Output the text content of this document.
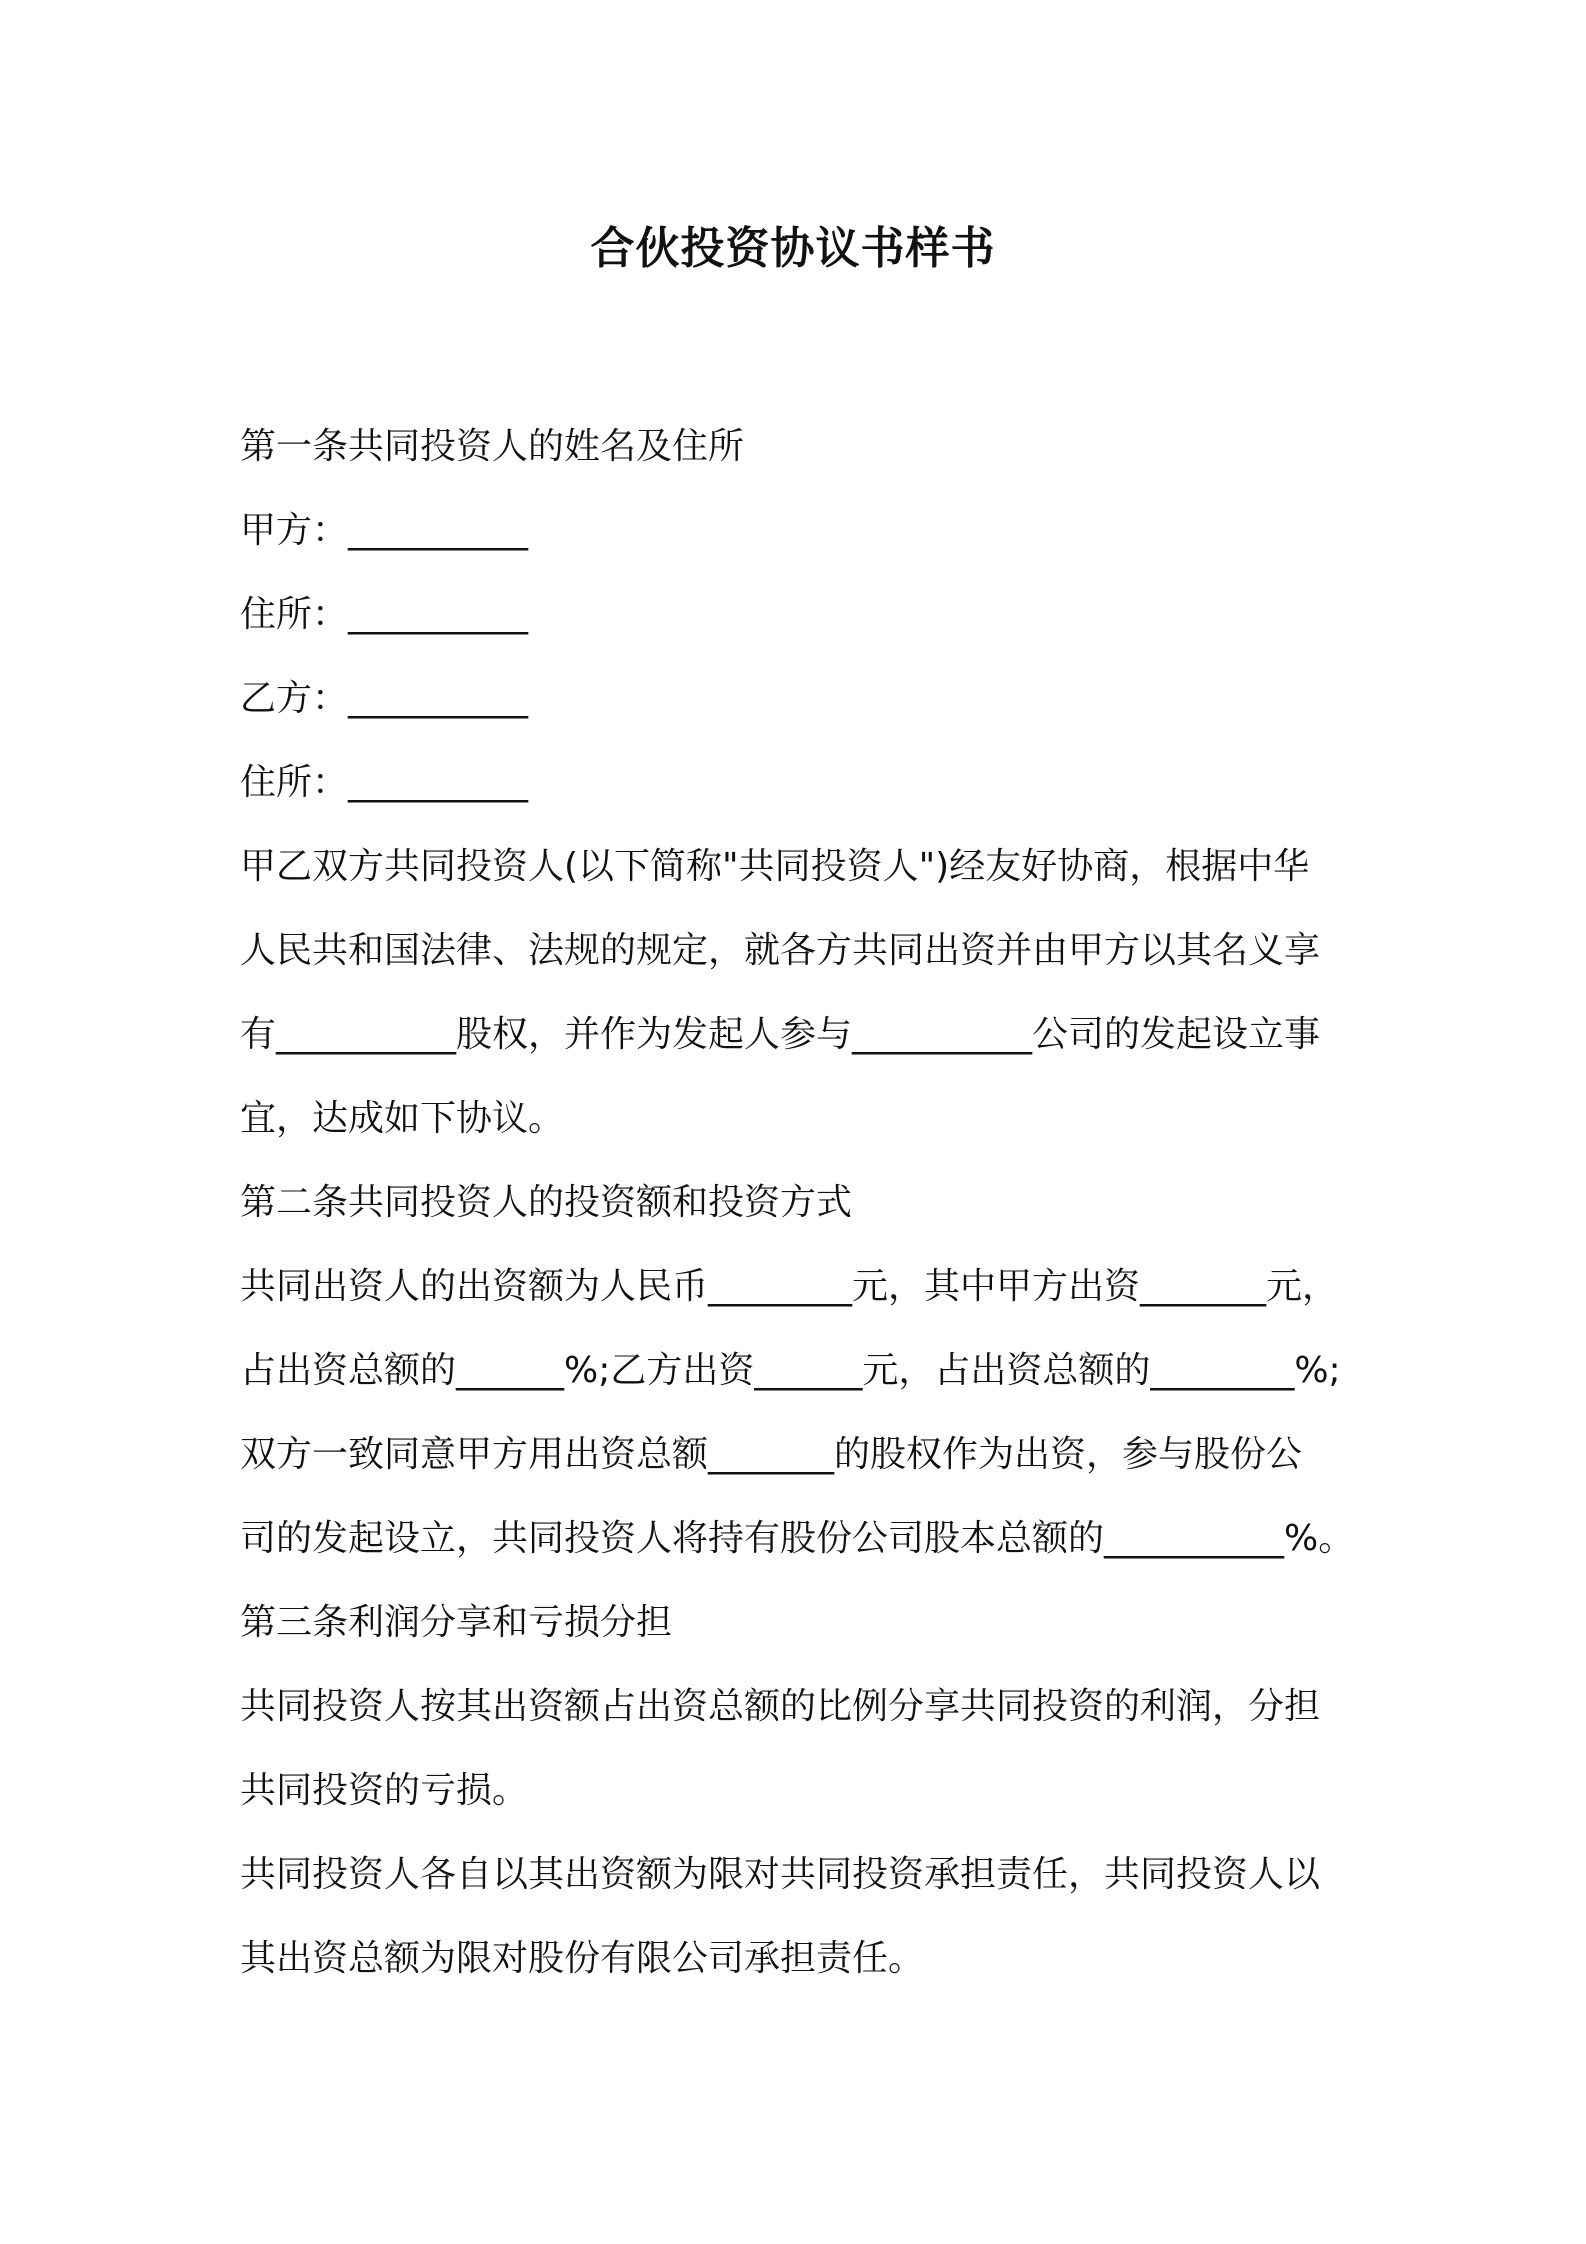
合伙投资协议书样书

第一条共同投资人的姓名及住所

甲方：__________

住所：__________

乙方：__________

住所：__________

甲乙双方共同投资人(以下简称"共同投资人")经友好协商，根据中华

人民共和国法律、法规的规定，就各方共同出资并由甲方以其名义享

有__________股权，并作为发起人参与__________公司的发起设立事

宜，达成如下协议。

第二条共同投资人的投资额和投资方式

共同出资人的出资额为人民币________元，其中甲方出资_______元，

占出资总额的______%;乙方出资______元，占出资总额的________%;

双方一致同意甲方用出资总额_______的股权作为出资，参与股份公

司的发起设立，共同投资人将持有股份公司股本总额的__________%。

第三条利润分享和亏损分担

共同投资人按其出资额占出资总额的比例分享共同投资的利润，分担

共同投资的亏损。

共同投资人各自以其出资额为限对共同投资承担责任，共同投资人以

其出资总额为限对股份有限公司承担责任。
